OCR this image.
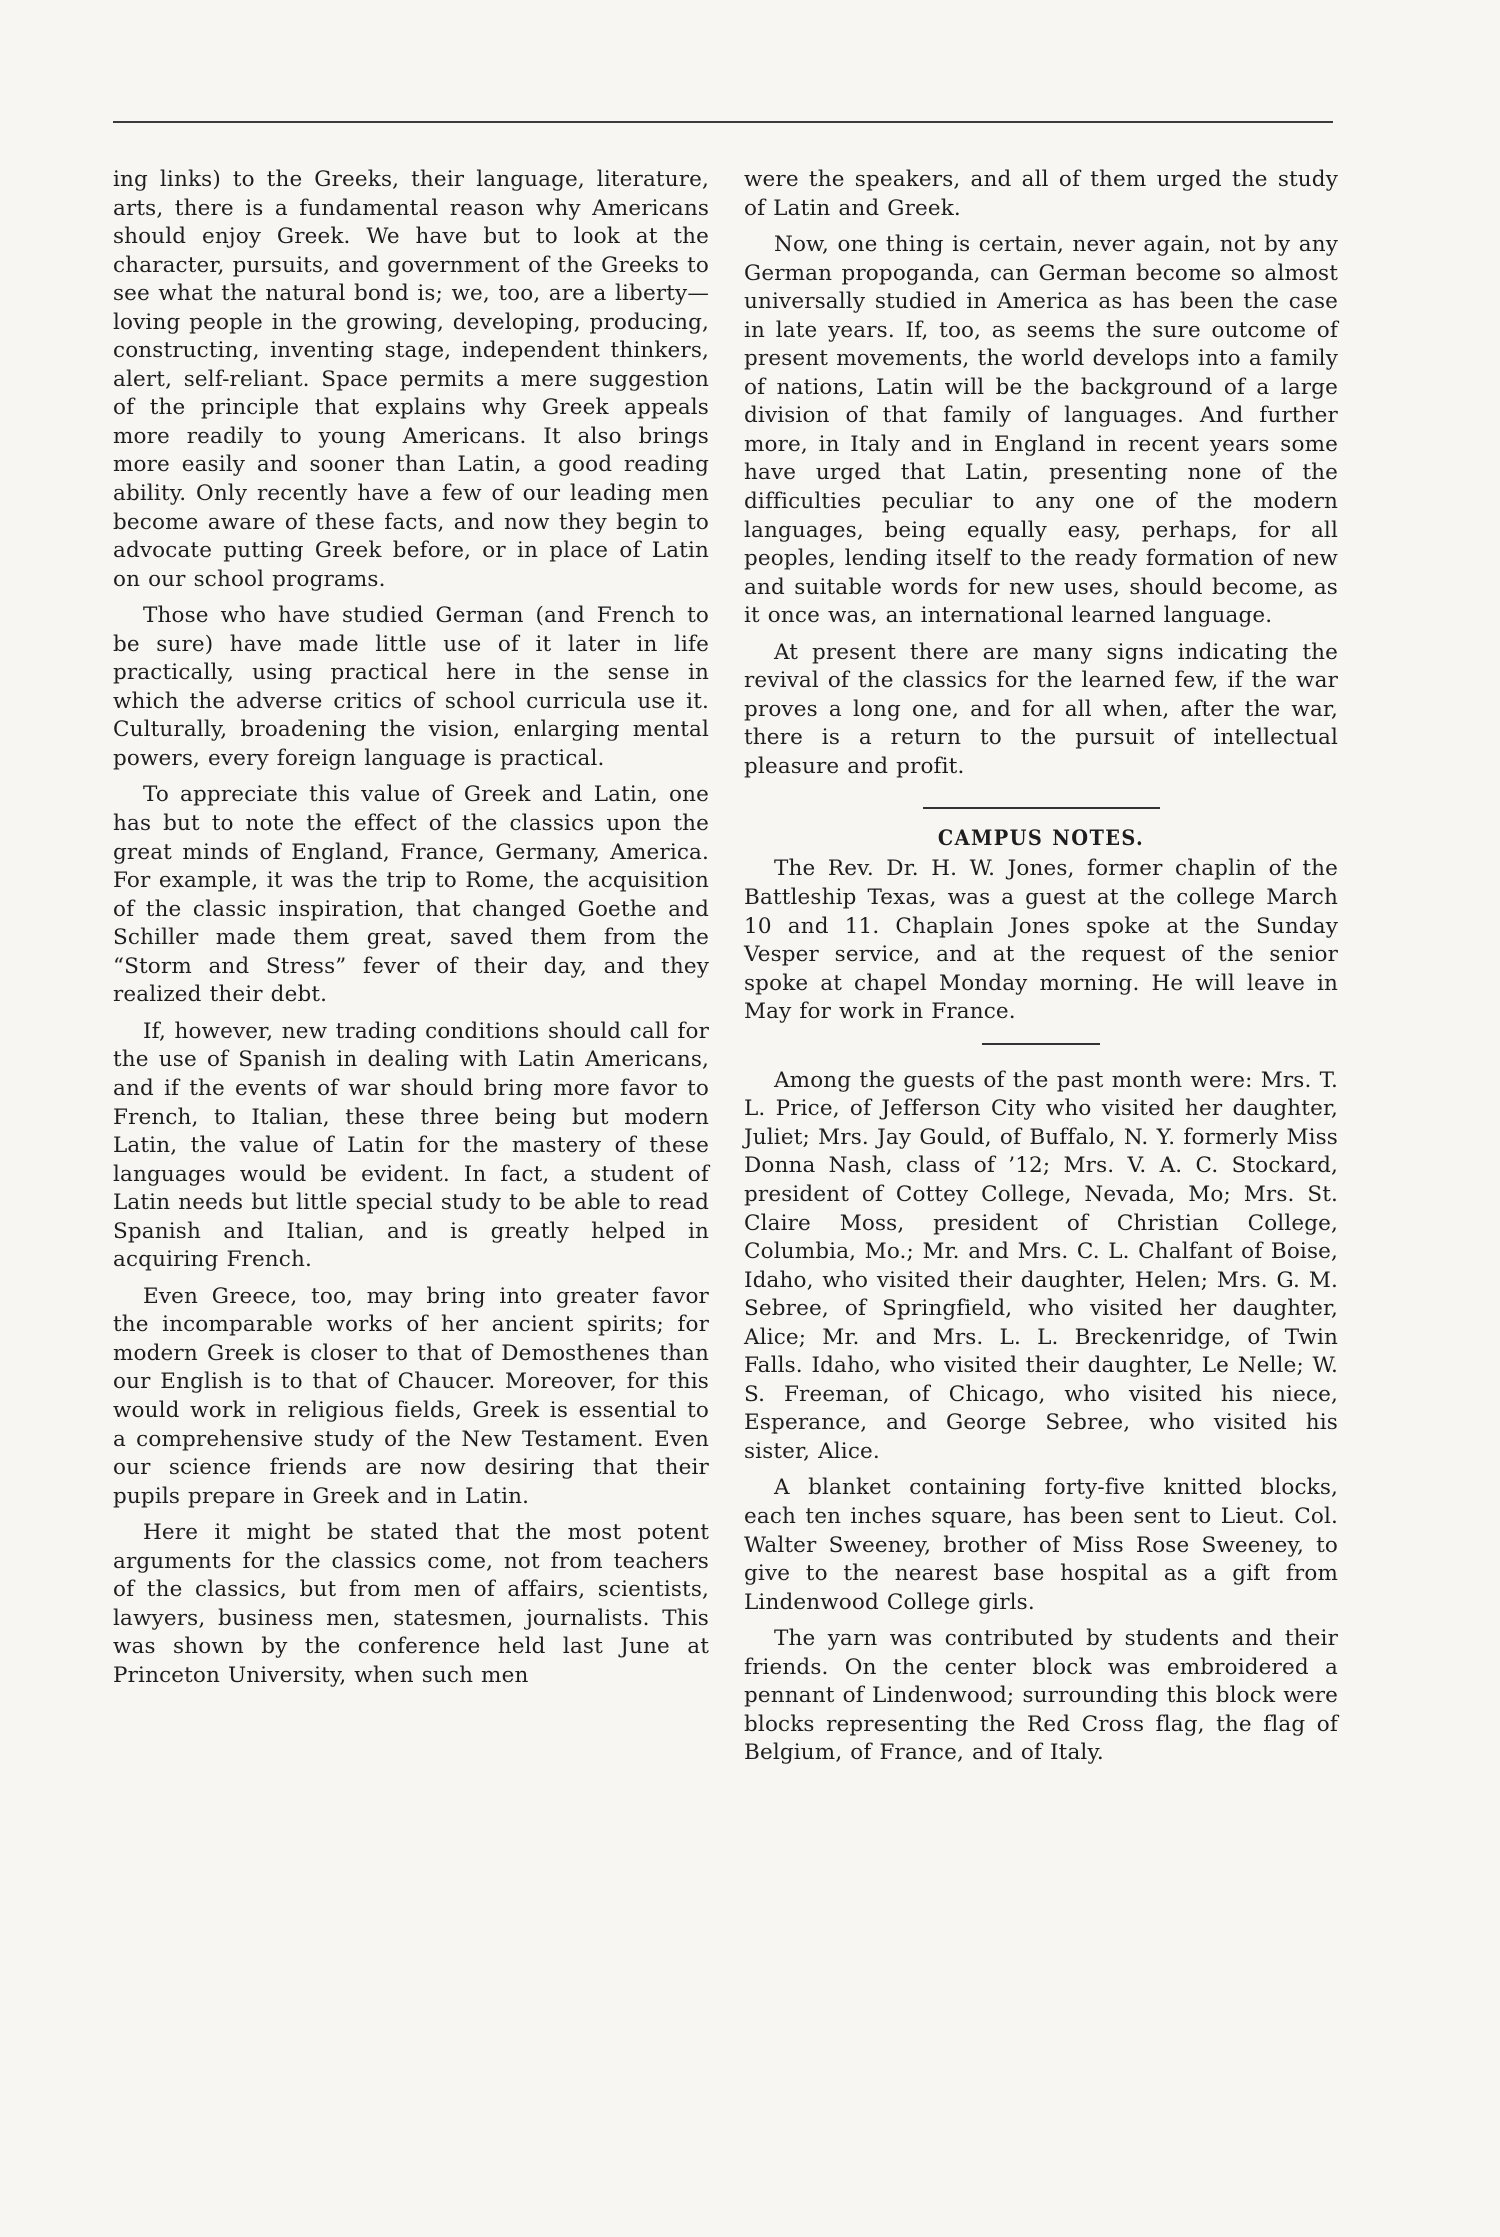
ing links) to the Greeks, their language, literature, arts, there is a fundamental reason why Americans should enjoy Greek. We have but to look at the character, pursuits, and government of the Greeks to see what the natural bond is; we, too, are a liberty—loving people in the growing, developing, producing, constructing, inventing stage, independent thinkers, alert, self-reliant. Space permits a mere suggestion of the principle that explains why Greek appeals more readily to young Americans. It also brings more easily and sooner than Latin, a good reading ability. Only recently have a few of our leading men become aware of these facts, and now they begin to advocate putting Greek before, or in place of Latin on our school programs.

Those who have studied German (and French to be sure) have made little use of it later in life practically, using practical here in the sense in which the adverse critics of school curricula use it. Culturally, broadening the vision, enlarging mental powers, every foreign language is practical.

To appreciate this value of Greek and Latin, one has but to note the effect of the classics upon the great minds of England, France, Germany, America. For example, it was the trip to Rome, the acquisition of the classic inspiration, that changed Goethe and Schiller made them great, saved them from the “Storm and Stress” fever of their day, and they realized their debt.

If, however, new trading conditions should call for the use of Spanish in dealing with Latin Americans, and if the events of war should bring more favor to French, to Italian, these three being but modern Latin, the value of Latin for the mastery of these languages would be evident. In fact, a student of Latin needs but little special study to be able to read Spanish and Italian, and is greatly helped in acquiring French.

Even Greece, too, may bring into greater favor the incomparable works of her ancient spirits; for modern Greek is closer to that of Demosthenes than our English is to that of Chaucer. Moreover, for this would work in religious fields, Greek is essential to a comprehensive study of the New Testament. Even our science friends are now desiring that their pupils prepare in Greek and in Latin.

Here it might be stated that the most potent arguments for the classics come, not from teachers of the classics, but from men of affairs, scientists, lawyers, business men, statesmen, journalists. This was shown by the conference held last June at Princeton University, when such men

were the speakers, and all of them urged the study of Latin and Greek.

Now, one thing is certain, never again, not by any German propoganda, can German become so almost universally studied in America as has been the case in late years. If, too, as seems the sure outcome of present movements, the world develops into a family of nations, Latin will be the background of a large division of that family of languages. And further more, in Italy and in England in recent years some have urged that Latin, presenting none of the difficulties peculiar to any one of the modern languages, being equally easy, perhaps, for all peoples, lending itself to the ready formation of new and suitable words for new uses, should become, as it once was, an international learned language.

At present there are many signs indicating the revival of the classics for the learned few, if the war proves a long one, and for all when, after the war, there is a return to the pursuit of intellectual pleasure and profit.

CAMPUS NOTES.

The Rev. Dr. H. W. Jones, former chaplin of the Battleship Texas, was a guest at the college March 10 and 11. Chaplain Jones spoke at the Sunday Vesper service, and at the request of the senior spoke at chapel Monday morning. He will leave in May for work in France.

Among the guests of the past month were: Mrs. T. L. Price, of Jefferson City who visited her daughter, Juliet; Mrs. Jay Gould, of Buffalo, N. Y. formerly Miss Donna Nash, class of ’12; Mrs. V. A. C. Stockard, president of Cottey College, Nevada, Mo; Mrs. St. Claire Moss, president of Christian College, Columbia, Mo.; Mr. and Mrs. C. L. Chalfant of Boise, Idaho, who visited their daughter, Helen; Mrs. G. M. Sebree, of Springfield, who visited her daughter, Alice; Mr. and Mrs. L. L. Breckenridge, of Twin Falls. Idaho, who visited their daughter, Le Nelle; W. S. Freeman, of Chicago, who visited his niece, Esperance, and George Sebree, who visited his sister, Alice.

A blanket containing forty-five knitted blocks, each ten inches square, has been sent to Lieut. Col. Walter Sweeney, brother of Miss Rose Sweeney, to give to the nearest base hospital as a gift from Lindenwood College girls.

The yarn was contributed by students and their friends. On the center block was embroidered a pennant of Lindenwood; surrounding this block were blocks representing the Red Cross flag, the flag of Belgium, of France, and of Italy.
